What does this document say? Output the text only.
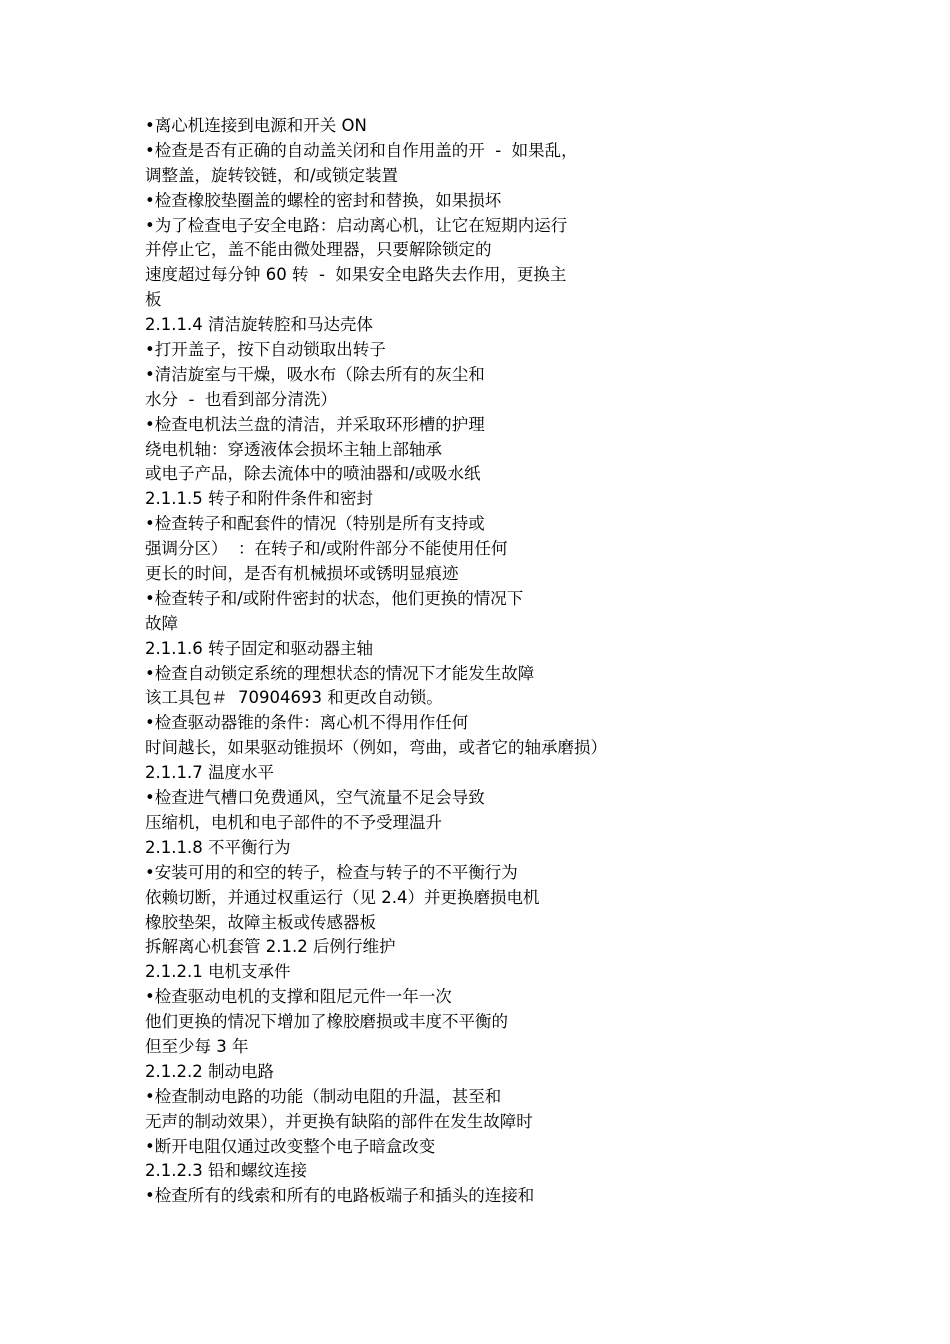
•离心机连接到电源和开关 ON
•检查是否有正确的自动盖关闭和自作用盖的开  -  如果乱，
调整盖，旋转铰链，和/或锁定装置
•检查橡胶垫圈盖的螺栓的密封和替换，如果损坏
•为了检查电子安全电路：启动离心机，让它在短期内运行
并停止它，盖不能由微处理器，只要解除锁定的
速度超过每分钟 60 转  -  如果安全电路失去作用，更换主
板
2.1.1.4 清洁旋转腔和马达壳体
•打开盖子，按下自动锁取出转子
•清洁旋室与干燥，吸水布（除去所有的灰尘和
水分  -  也看到部分清洗）
•检查电机法兰盘的清洁，并采取环形槽的护理
绕电机轴：穿透液体会损坏主轴上部轴承
或电子产品，除去流体中的喷油器和/或吸水纸
2.1.1.5 转子和附件条件和密封
•检查转子和配套件的情况（特别是所有支持或
强调分区）  ：在转子和/或附件部分不能使用任何
更长的时间，是否有机械损坏或锈明显痕迹
•检查转子和/或附件密封的状态，他们更换的情况下
故障
2.1.1.6 转子固定和驱动器主轴
•检查自动锁定系统的理想状态的情况下才能发生故障
该工具包＃  70904693 和更改自动锁。
•检查驱动器锥的条件：离心机不得用作任何
时间越长，如果驱动锥损坏（例如，弯曲，或者它的轴承磨损）
2.1.1.7 温度水平
•检查进气槽口免费通风，空气流量不足会导致
压缩机，电机和电子部件的不予受理温升
2.1.1.8 不平衡行为
•安装可用的和空的转子，检查与转子的不平衡行为
依赖切断，并通过权重运行（见 2.4）并更换磨损电机
橡胶垫架，故障主板或传感器板
拆解离心机套管 2.1.2 后例行维护
2.1.2.1 电机支承件
•检查驱动电机的支撑和阻尼元件一年一次
他们更换的情况下增加了橡胶磨损或丰度不平衡的
但至少每 3 年
2.1.2.2 制动电路
•检查制动电路的功能（制动电阻的升温，甚至和
无声的制动效果），并更换有缺陷的部件在发生故障时
•断开电阻仅通过改变整个电子暗盒改变
2.1.2.3 铅和螺纹连接
•检查所有的线索和所有的电路板端子和插头的连接和
